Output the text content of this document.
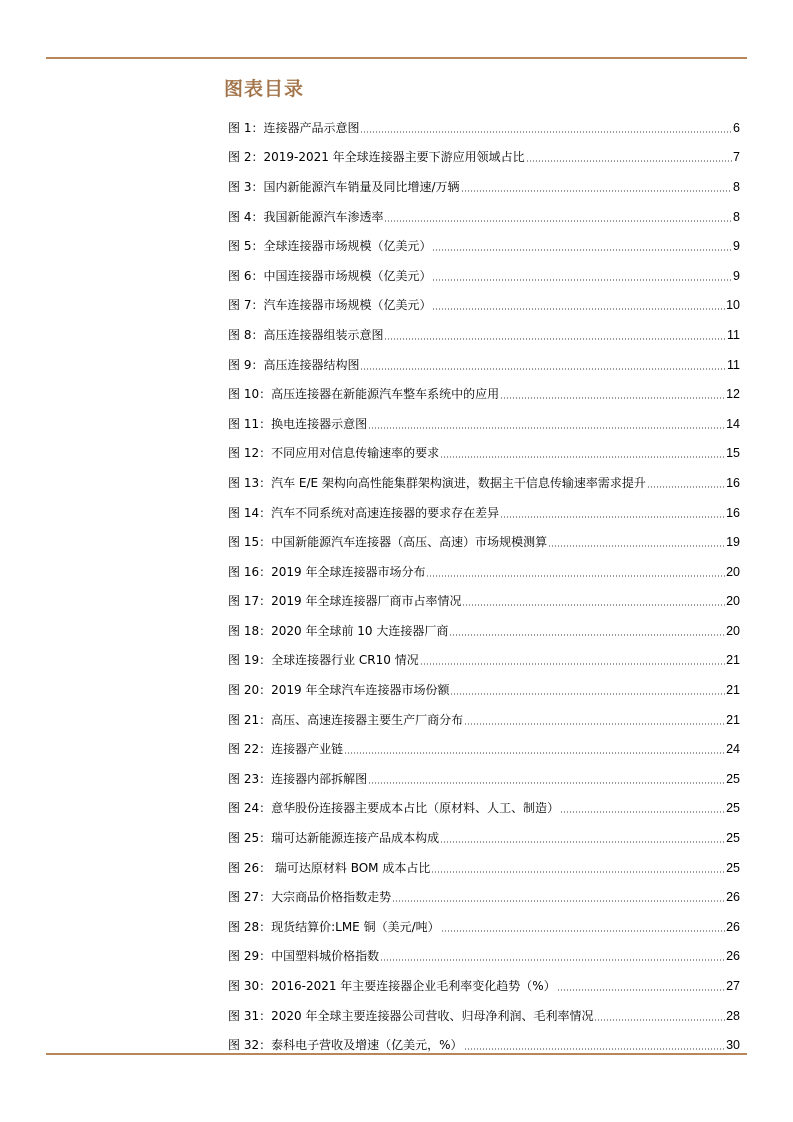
图表目录
图 1：连接器产品示意图	6
图 2：2019-2021 年全球连接器主要下游应用领域占比	7
图 3：国内新能源汽车销量及同比增速/万辆	8
图 4：我国新能源汽车渗透率	8
图 5：全球连接器市场规模（亿美元）	9
图 6：中国连接器市场规模（亿美元）	9
图 7：汽车连接器市场规模（亿美元）	10
图 8：高压连接器组装示意图	11
图 9：高压连接器结构图	11
图 10：高压连接器在新能源汽车整车系统中的应用	12
图 11：换电连接器示意图	14
图 12：不同应用对信息传输速率的要求	15
图 13：汽车 E/E 架构向高性能集群架构演进，数据主干信息传输速率需求提升	16
图 14：汽车不同系统对高速连接器的要求存在差异	16
图 15：中国新能源汽车连接器（高压、高速）市场规模测算	19
图 16：2019 年全球连接器市场分布	20
图 17：2019 年全球连接器厂商市占率情况	20
图 18：2020 年全球前 10 大连接器厂商	20
图 19：全球连接器行业 CR10 情况	21
图 20：2019 年全球汽车连接器市场份额	21
图 21：高压、高速连接器主要生产厂商分布	21
图 22：连接器产业链	24
图 23：连接器内部拆解图	25
图 24：意华股份连接器主要成本占比（原材料、人工、制造）	25
图 25：瑞可达新能源连接产品成本构成	25
图 26： 瑞可达原材料 BOM 成本占比	25
图 27：大宗商品价格指数走势	26
图 28：现货结算价:LME 铜（美元/吨）	26
图 29：中国塑料城价格指数	26
图 30：2016-2021 年主要连接器企业毛利率变化趋势（%）	27
图 31：2020 年全球主要连接器公司营收、归母净利润、毛利率情况	28
图 32：泰科电子营收及增速（亿美元，%）	30
